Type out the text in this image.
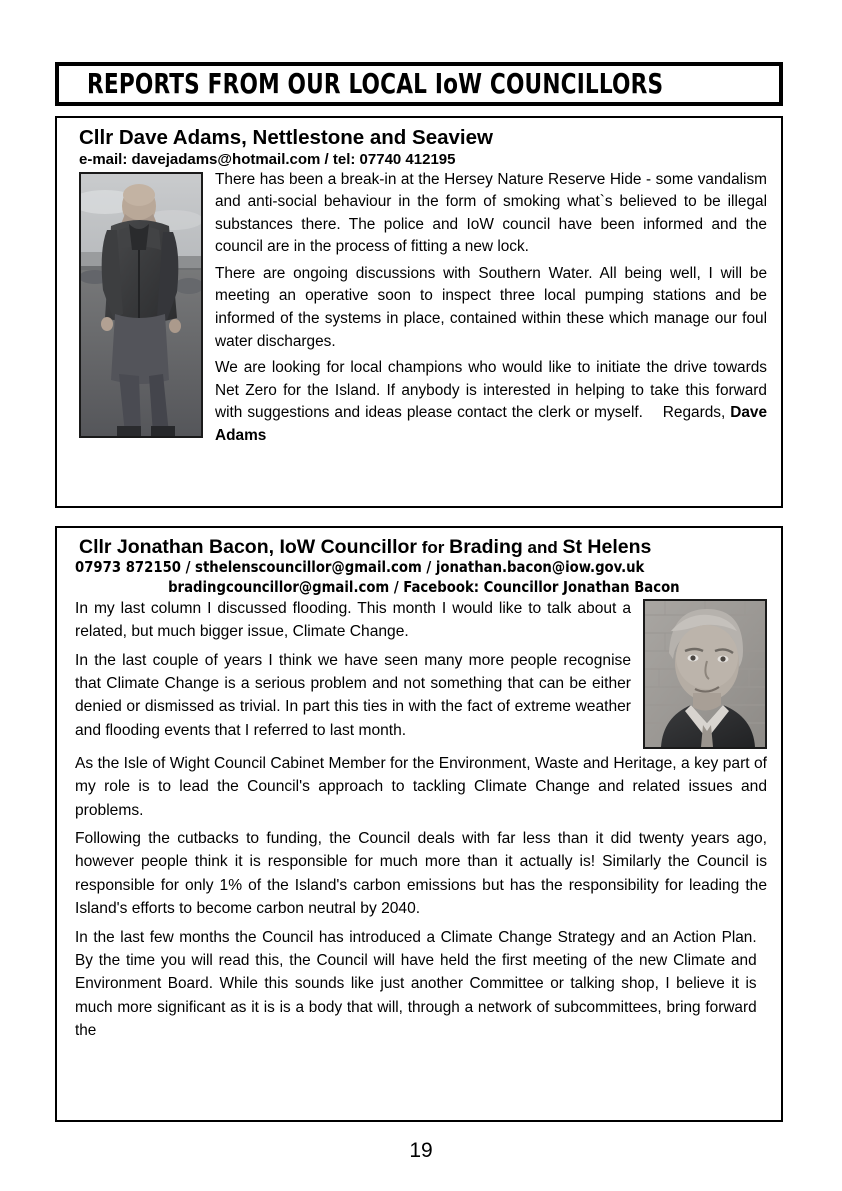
REPORTS FROM OUR LOCAL IoW COUNCILLORS
Cllr Dave Adams, Nettlestone and Seaview
e-mail: davejadams@hotmail.com / tel: 07740 412195

There has been a break-in at the Hersey Nature Reserve Hide - some vandalism and anti-social behaviour in the form of smoking what`s believed to be illegal substances there. The police and IoW council have been informed and the council are in the process of fitting a new lock.

There are ongoing discussions with Southern Water. All being well, I will be meeting an operative soon to inspect three local pumping stations and be informed of the systems in place, contained within these which manage our foul water discharges.

We are looking for local champions who would like to initiate the drive towards Net Zero for the Island. If anybody is interested in helping to take this forward with suggestions and ideas please contact the clerk or myself. Regards, Dave Adams

Cllr Jonathan Bacon, IoW Councillor for Brading and St Helens
07973 872150 / sthelenscouncillor@gmail.com / jonathan.bacon@iow.gov.uk
bradingcouncillor@gmail.com / Facebook: Councillor Jonathan Bacon

In my last column I discussed flooding. This month I would like to talk about a related, but much bigger issue, Climate Change.

In the last couple of years I think we have seen many more people recognise that Climate Change is a serious problem and not something that can be either denied or dismissed as trivial. In part this ties in with the fact of extreme weather and flooding events that I referred to last month.

As the Isle of Wight Council Cabinet Member for the Environment, Waste and Heritage, a key part of my role is to lead the Council's approach to tackling Climate Change and related issues and problems.

Following the cutbacks to funding, the Council deals with far less than it did twenty years ago, however people think it is responsible for much more than it actually is! Similarly the Council is responsible for only 1% of the Island's carbon emissions but has the responsibility for leading the Island's efforts to become carbon neutral by 2040.

In the last few months the Council has introduced a Climate Change Strategy and an Action Plan. By the time you will read this, the Council will have held the first meeting of the new Climate and Environment Board. While this sounds like just another Committee or talking shop, I believe it is much more significant as it is is a body that will, through a network of subcommittees, bring forward the

19
